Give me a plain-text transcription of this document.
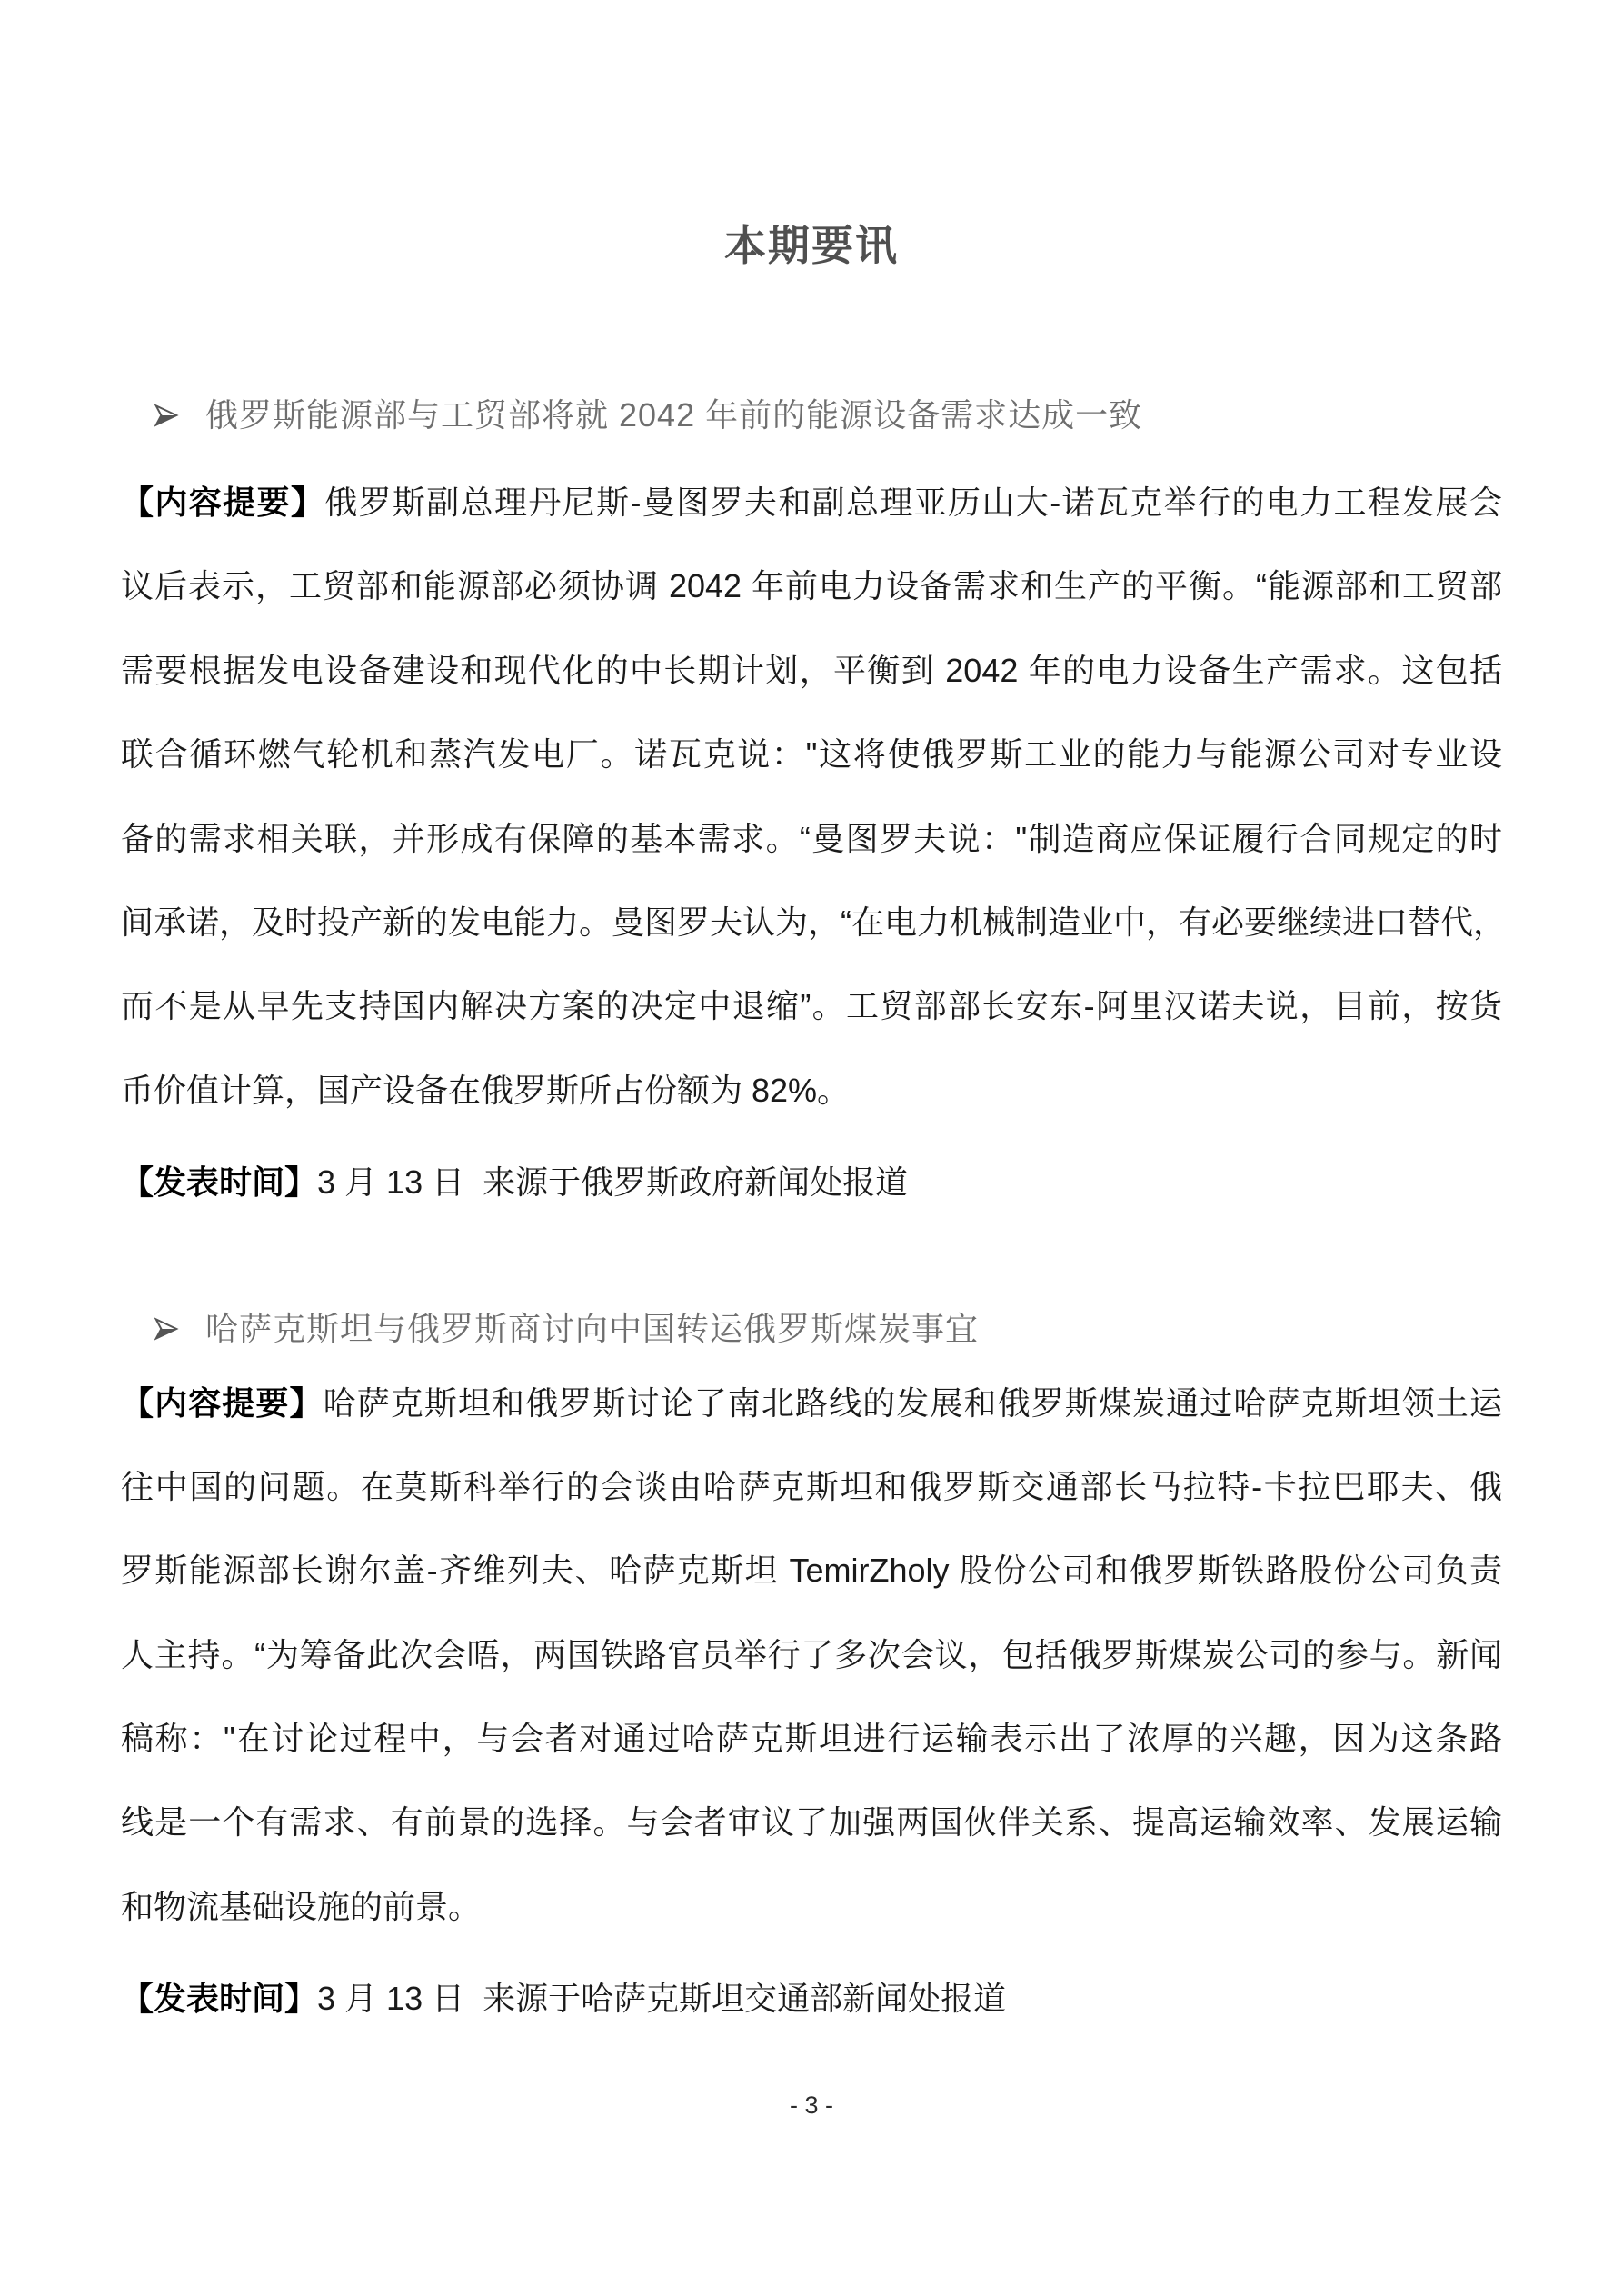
本期要讯
俄罗斯能源部与工贸部将就 2042 年前的能源设备需求达成一致
【内容提要】俄罗斯副总理丹尼斯-曼图罗夫和副总理亚历山大-诺瓦克举行的电力工程发展会
议后表示，工贸部和能源部必须协调 2042 年前电力设备需求和生产的平衡。“能源部和工贸部
需要根据发电设备建设和现代化的中长期计划，平衡到 2042 年的电力设备生产需求。这包括
联合循环燃气轮机和蒸汽发电厂。诺瓦克说："这将使俄罗斯工业的能力与能源公司对专业设
备的需求相关联，并形成有保障的基本需求。“曼图罗夫说："制造商应保证履行合同规定的时
间承诺，及时投产新的发电能力。曼图罗夫认为，“在电力机械制造业中，有必要继续进口替代，
而不是从早先支持国内解决方案的决定中退缩”。工贸部部长安东-阿里汉诺夫说，目前，按货
币价值计算，国产设备在俄罗斯所占份额为 82%。
【发表时间】3 月 13 日  来源于俄罗斯政府新闻处报道
哈萨克斯坦与俄罗斯商讨向中国转运俄罗斯煤炭事宜
【内容提要】哈萨克斯坦和俄罗斯讨论了南北路线的发展和俄罗斯煤炭通过哈萨克斯坦领土运
往中国的问题。在莫斯科举行的会谈由哈萨克斯坦和俄罗斯交通部长马拉特-卡拉巴耶夫、俄
罗斯能源部长谢尔盖-齐维列夫、哈萨克斯坦 TemirZholy 股份公司和俄罗斯铁路股份公司负责
人主持。“为筹备此次会晤，两国铁路官员举行了多次会议，包括俄罗斯煤炭公司的参与。新闻
稿称："在讨论过程中，与会者对通过哈萨克斯坦进行运输表示出了浓厚的兴趣，因为这条路
线是一个有需求、有前景的选择。与会者审议了加强两国伙伴关系、提高运输效率、发展运输
和物流基础设施的前景。
【发表时间】3 月 13 日  来源于哈萨克斯坦交通部新闻处报道
- 3 -
